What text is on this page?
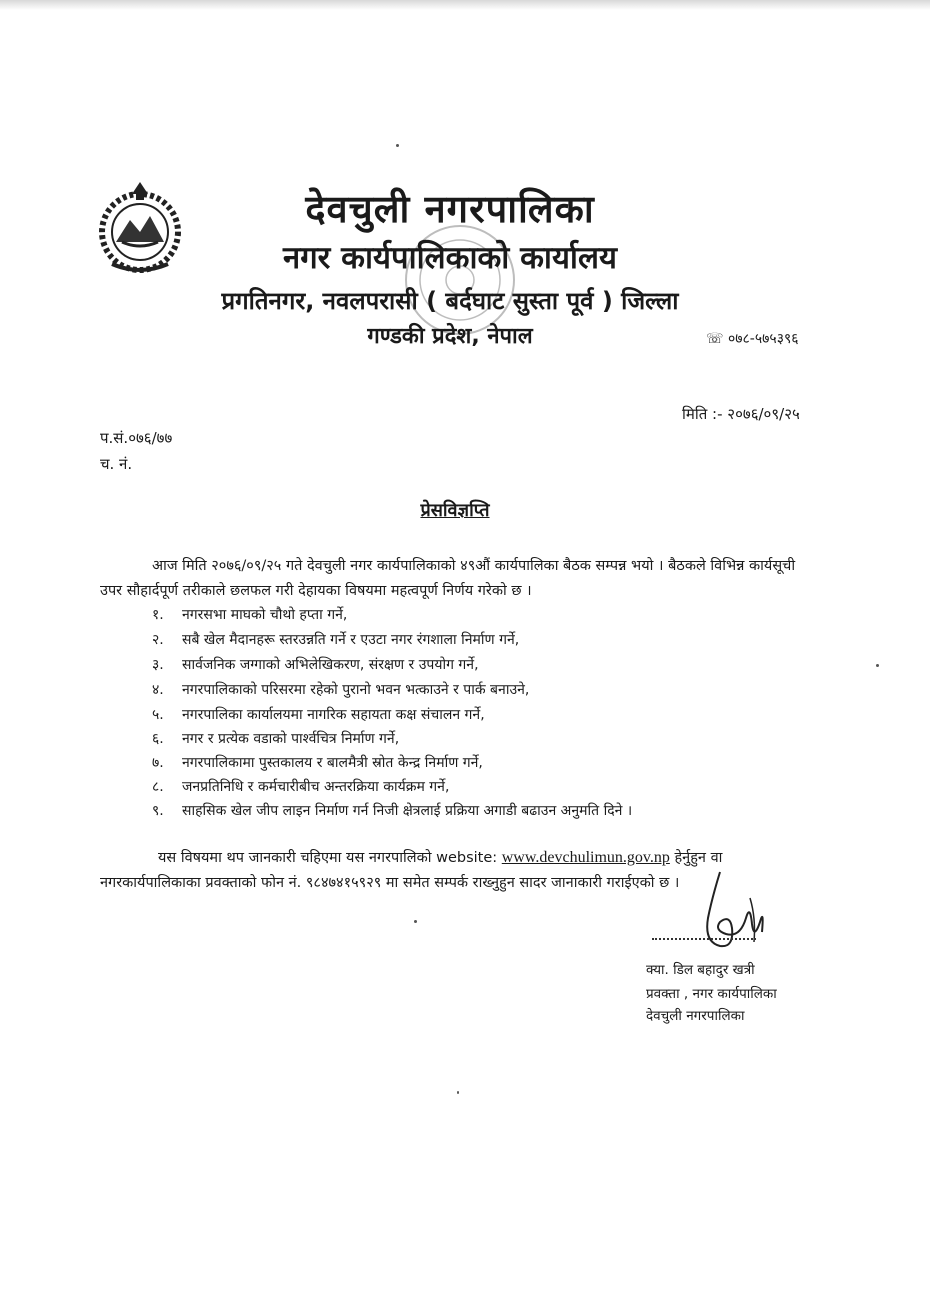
देवचुली नगरपालिका
नगर कार्यपालिकाको कार्यालय
प्रगतिनगर, नवलपरासी ( बर्दघाट सुस्ता पूर्व ) जिल्ला
गण्डकी प्रदेश, नेपाल	☏ ०७८-५७५३९६
मिति :- २०७६/०९/२५
प.सं.०७६/७७
च. नं.
प्रेसविज्ञप्ति
आज मिति २०७६/०९/२५ गते देवचुली नगर कार्यपालिकाको ४९औं कार्यपालिका बैठक सम्पन्न भयो । बैठकले विभिन्न कार्यसूची उपर सौहार्दपूर्ण तरीकाले छलफल गरी देहायका विषयमा महत्वपूर्ण निर्णय गरेको छ ।
१. नगरसभा माघको चौथो हप्ता गर्ने,
२. सबै खेल मैदानहरू स्तरउन्नति गर्ने र एउटा नगर रंगशाला निर्माण गर्ने,
३. सार्वजनिक जग्गाको अभिलेखिकरण, संरक्षण र उपयोग गर्ने,
४. नगरपालिकाको परिसरमा रहेको पुरानो भवन भत्काउने र पार्क बनाउने,
५. नगरपालिका कार्यालयमा नागरिक सहायता कक्ष संचालन गर्ने,
६. नगर र प्रत्येक वडाको पार्श्वचित्र निर्माण गर्ने,
७. नगरपालिकामा पुस्तकालय र बालमैत्री स्रोत केन्द्र निर्माण गर्ने,
८. जनप्रतिनिधि र कर्मचारीबीच अन्तरक्रिया कार्यक्रम गर्ने,
९. साहसिक खेल जीप लाइन निर्माण गर्न निजी क्षेत्रलाई प्रक्रिया अगाडी बढाउन अनुमति दिने ।
यस विषयमा थप जानकारी चहिएमा यस नगरपालिको website: www.devchulimun.gov.np हेर्नुहुन वा नगरकार्यपालिकाका प्रवक्ताको फोन नं. ९८४७४१५९२९ मा समेत सम्पर्क राख्नुहुन सादर जानाकारी गराईएको छ ।
क्या. डिल बहादुर खत्री
प्रवक्ता , नगर कार्यपालिका
देवचुली नगरपालिका
